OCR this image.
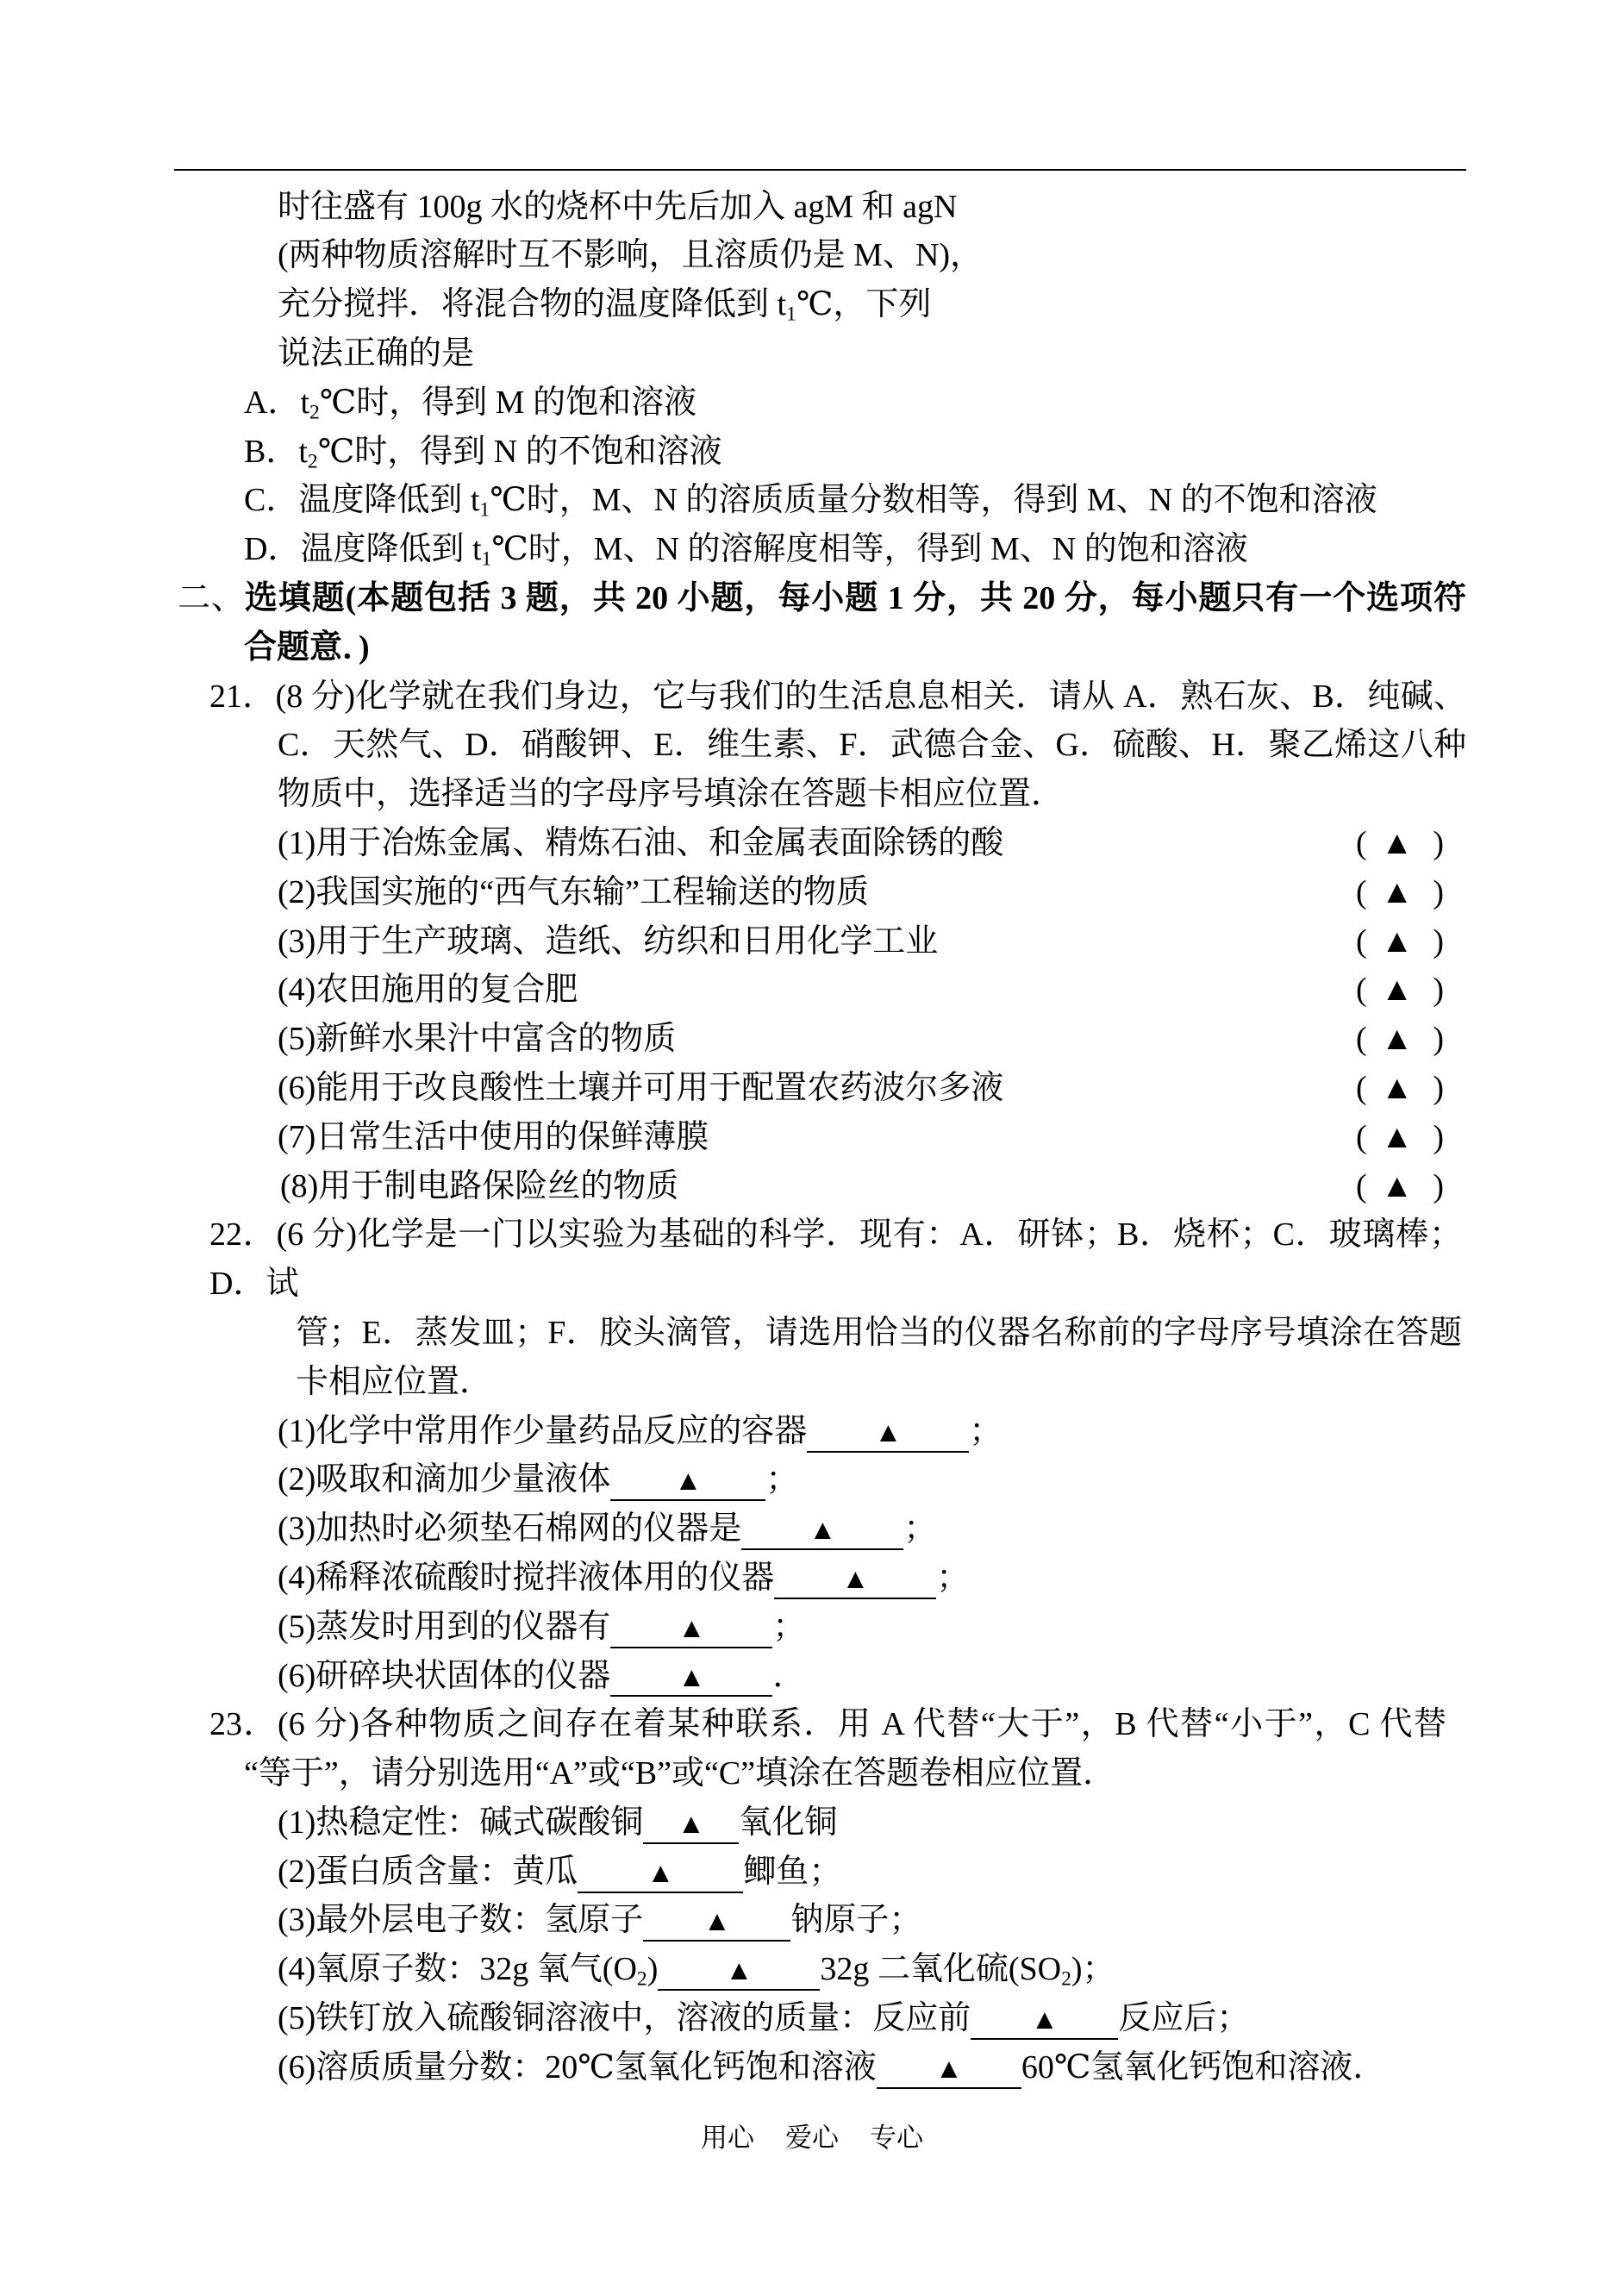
时往盛有 100g 水的烧杯中先后加入 agM 和 agN
(两种物质溶解时互不影响，且溶质仍是 M、N)，
充分搅拌．将混合物的温度降低到 $t_1℃$，下列
说法正确的是
A．$t_2℃$时，得到 M 的饱和溶液
B．$t_2℃$时，得到 N 的不饱和溶液
C．温度降低到 $t_1℃$时，M、N 的溶质质量分数相等，得到 M、N 的不饱和溶液
D．温度降低到 $t_1℃$时，M、N 的溶解度相等，得到 M、N 的饱和溶液
二、选填题(本题包括 3 题，共 20 小题，每小题 1 分，共 20 分，每小题只有一个选项符
合题意．)
21．(8 分)化学就在我们身边，它与我们的生活息息相关．请从 A．熟石灰、B．纯碱、
C．天然气、D．硝酸钾、E．维生素、F．武德合金、G．硫酸、H．聚乙烯这八种
物质中，选择适当的字母序号填涂在答题卡相应位置．
(1)用于冶炼金属、精炼石油、和金属表面除锈的酸	( ▲ )
(2)我国实施的“西气东输”工程输送的物质	( ▲ )
(3)用于生产玻璃、造纸、纺织和日用化学工业	( ▲ )
(4)农田施用的复合肥	( ▲ )
(5)新鲜水果汁中富含的物质	( ▲ )
(6)能用于改良酸性土壤并可用于配置农药波尔多液	( ▲ )
(7)日常生活中使用的保鲜薄膜	( ▲ )
(8)用于制电路保险丝的物质	( ▲ )
22．(6 分)化学是一门以实验为基础的科学．现有：A．研钵；B．烧杯；C．玻璃棒；
D．试
管；E．蒸发皿；F．胶头滴管，请选用恰当的仪器名称前的字母序号填涂在答题
卡相应位置．
(1)化学中常用作少量药品反应的容器 ▲ ；
(2)吸取和滴加少量液体 ▲ ；
(3)加热时必须垫石棉网的仪器是 ▲ ；
(4)稀释浓硫酸时搅拌液体用的仪器 ▲ ；
(5)蒸发时用到的仪器有 ▲ ；
(6)研碎块状固体的仪器 ▲ ．
23．(6 分)各种物质之间存在着某种联系．用 A 代替“大于”，B 代替“小于”，C 代替
“等于”，请分别选用“A”或“B”或“C”填涂在答题卷相应位置．
(1)热稳定性：碱式碳酸铜 ▲ 氧化铜
(2)蛋白质含量：黄瓜 ▲ 鲫鱼；
(3)最外层电子数：氢原子 ▲ 钠原子；
(4)氧原子数：32g 氧气$(O_2)$ ▲ 32g 二氧化硫$(SO_2)$；
(5)铁钉放入硫酸铜溶液中，溶液的质量：反应前 ▲ 反应后；
(6)溶质质量分数：20℃氢氧化钙饱和溶液 ▲ 60℃氢氧化钙饱和溶液．
用心 爱心 专心
